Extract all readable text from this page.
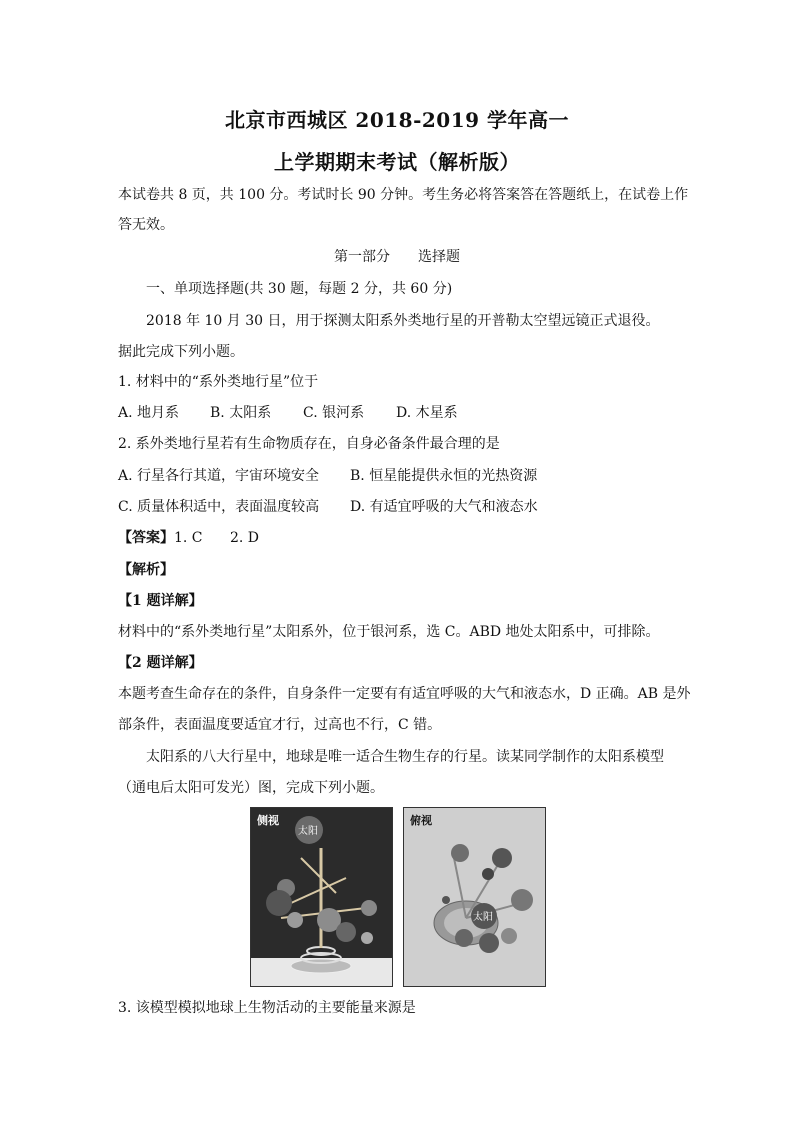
北京市西城区 2018-2019 学年高一
上学期期末考试（解析版）
本试卷共 8 页，共 100 分。考试时长 90 分钟。考生务必将答案答在答题纸上，在试卷上作
答无效。
第一部分　　选择题
一、单项选择题(共 30 题，每题 2 分，共 60 分)
2018 年 10 月 30 日，用于探测太阳系外类地行星的开普勒太空望远镜正式退役。
据此完成下列小题。
1. 材料中的“系外类地行星”位于
A. 地月系 B. 太阳系 C. 银河系 D. 木星系
2. 系外类地行星若有生命物质存在，自身必备条件最合理的是
A. 行星各行其道，宇宙环境安全 B. 恒星能提供永恒的光热资源
C. 质量体积适中，表面温度较高 D. 有适宜呼吸的大气和液态水
【答案】1. C 2. D
【解析】
【1 题详解】
材料中的“系外类地行星”太阳系外，位于银河系，选 C。ABD 地处太阳系中，可排除。
【2 题详解】
本题考查生命存在的条件，自身条件一定要有有适宜呼吸的大气和液态水，D 正确。AB 是外
部条件，表面温度要适宜才行，过高也不行，C 错。
太阳系的八大行星中，地球是唯一适合生物生存的行星。读某同学制作的太阳系模型
（通电后太阳可发光）图，完成下列小题。
太阳
侧视
太阳
俯视
3. 该模型模拟地球上生物活动的主要能量来源是
